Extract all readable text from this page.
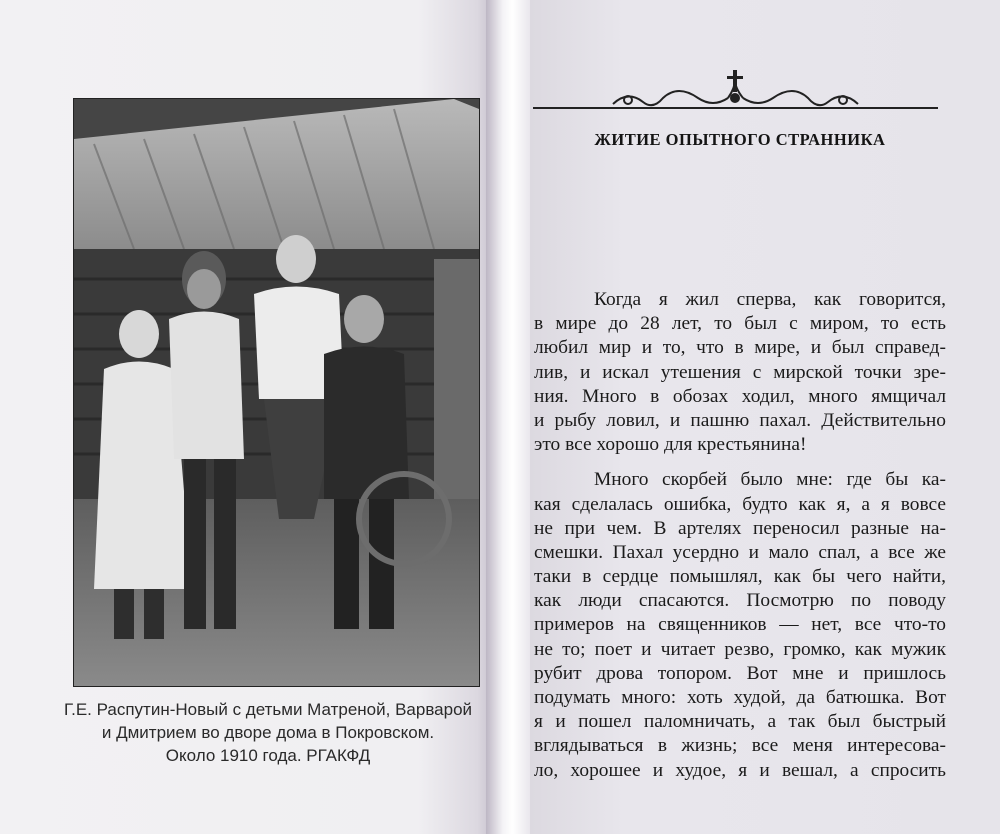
Г.Е. Распутин-Новый с детьми Матреной, Варварой
и Дмитрием во дворе дома в Покровском.
Около 1910 года. РГАКФД
ЖИТИЕ ОПЫТНОГО СТРАННИКА
Когда я жил сперва, как говорится,
в мире до 28 лет, то был с миром, то есть
любил мир и то, что в мире, и был справед-
лив, и искал утешения с мирской точки зре-
ния. Много в обозах ходил, много ямщичал
и рыбу ловил, и пашню пахал. Действительно
это все хорошо для крестьянина!
Много скорбей было мне: где бы ка-
кая сделалась ошибка, будто как я, а я вовсе
не при чем. В артелях переносил разные на-
смешки. Пахал усердно и мало спал, а все же
таки в сердце помышлял, как бы чего найти,
как люди спасаются. Посмотрю по поводу
примеров на священников — нет, все что-то
не то; поет и читает резво, громко, как мужик
рубит дрова топором. Вот мне и пришлось
подумать много: хоть худой, да батюшка. Вот
я и пошел паломничать, а так был быстрый
вглядываться в жизнь; все меня интересова-
ло, хорошее и худое, я и вешал, а спросить
